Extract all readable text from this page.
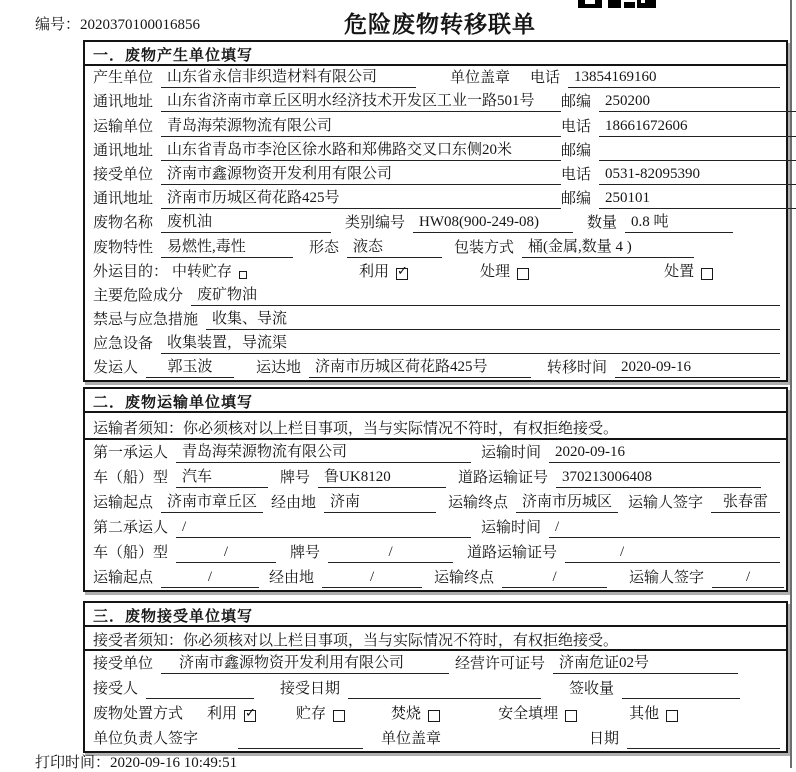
编号：2020370100016856	危险废物转移联单
一．废物产生单位填写
产生单位 山东省永信非织造材料有限公司	单位盖章 电话 13854169160
通讯地址 山东省济南市章丘区明水经济技术开发区工业一路501号	邮编 250200
运输单位 青岛海荣源物流有限公司	电话 18661672606
通讯地址 山东省青岛市李沧区徐水路和郑佛路交叉口东侧20米	邮编
接受单位 济南市鑫源物资开发利用有限公司	电话 0531-82095390
通讯地址 济南市历城区荷花路425号	邮编 250101
废物名称 废机油	类别编号 HW08(900-249-08)	数量 0.8 吨
废物特性 易燃性,毒性	形态 液态	包装方式 桶(金属,数量 4 )
外运目的： 中转贮存	利用 ✓	处理	处置
主要危险成分 废矿物油
禁忌与应急措施 收集、导流
应急设备 收集装置，导流渠
发运人	郭玉波	运达地 济南市历城区荷花路425号	转移时间 2020-09-16
二．废物运输单位填写
运输者须知：你必须核对以上栏目事项，当与实际情况不符时，有权拒绝接受。
第一承运人 青岛海荣源物流有限公司	运输时间 2020-09-16
车（船）型 汽车	牌号 鲁UK8120	道路运输证号 370213006408
运输起点 济南市章丘区 经由地 济南	运输终点 济南市历城区	运输人签字	张春雷
第二承运人 /	运输时间 /
车（船）型	/	牌号	/	道路运输证号	/
运输起点	/	经由地	/	运输终点	/	运输人签字	/
三．废物接受单位填写
接受者须知：你必须核对以上栏目事项，当与实际情况不符时，有权拒绝接受。
接受单位	济南市鑫源物资开发利用有限公司	经营许可证号 济南危证02号
接受人	接受日期	签收量
废物处置方式 利用 ✓	贮存	焚烧	安全填埋	其他
单位负责人签字	单位盖章	日期
打印时间：2020-09-16 10:49:51
